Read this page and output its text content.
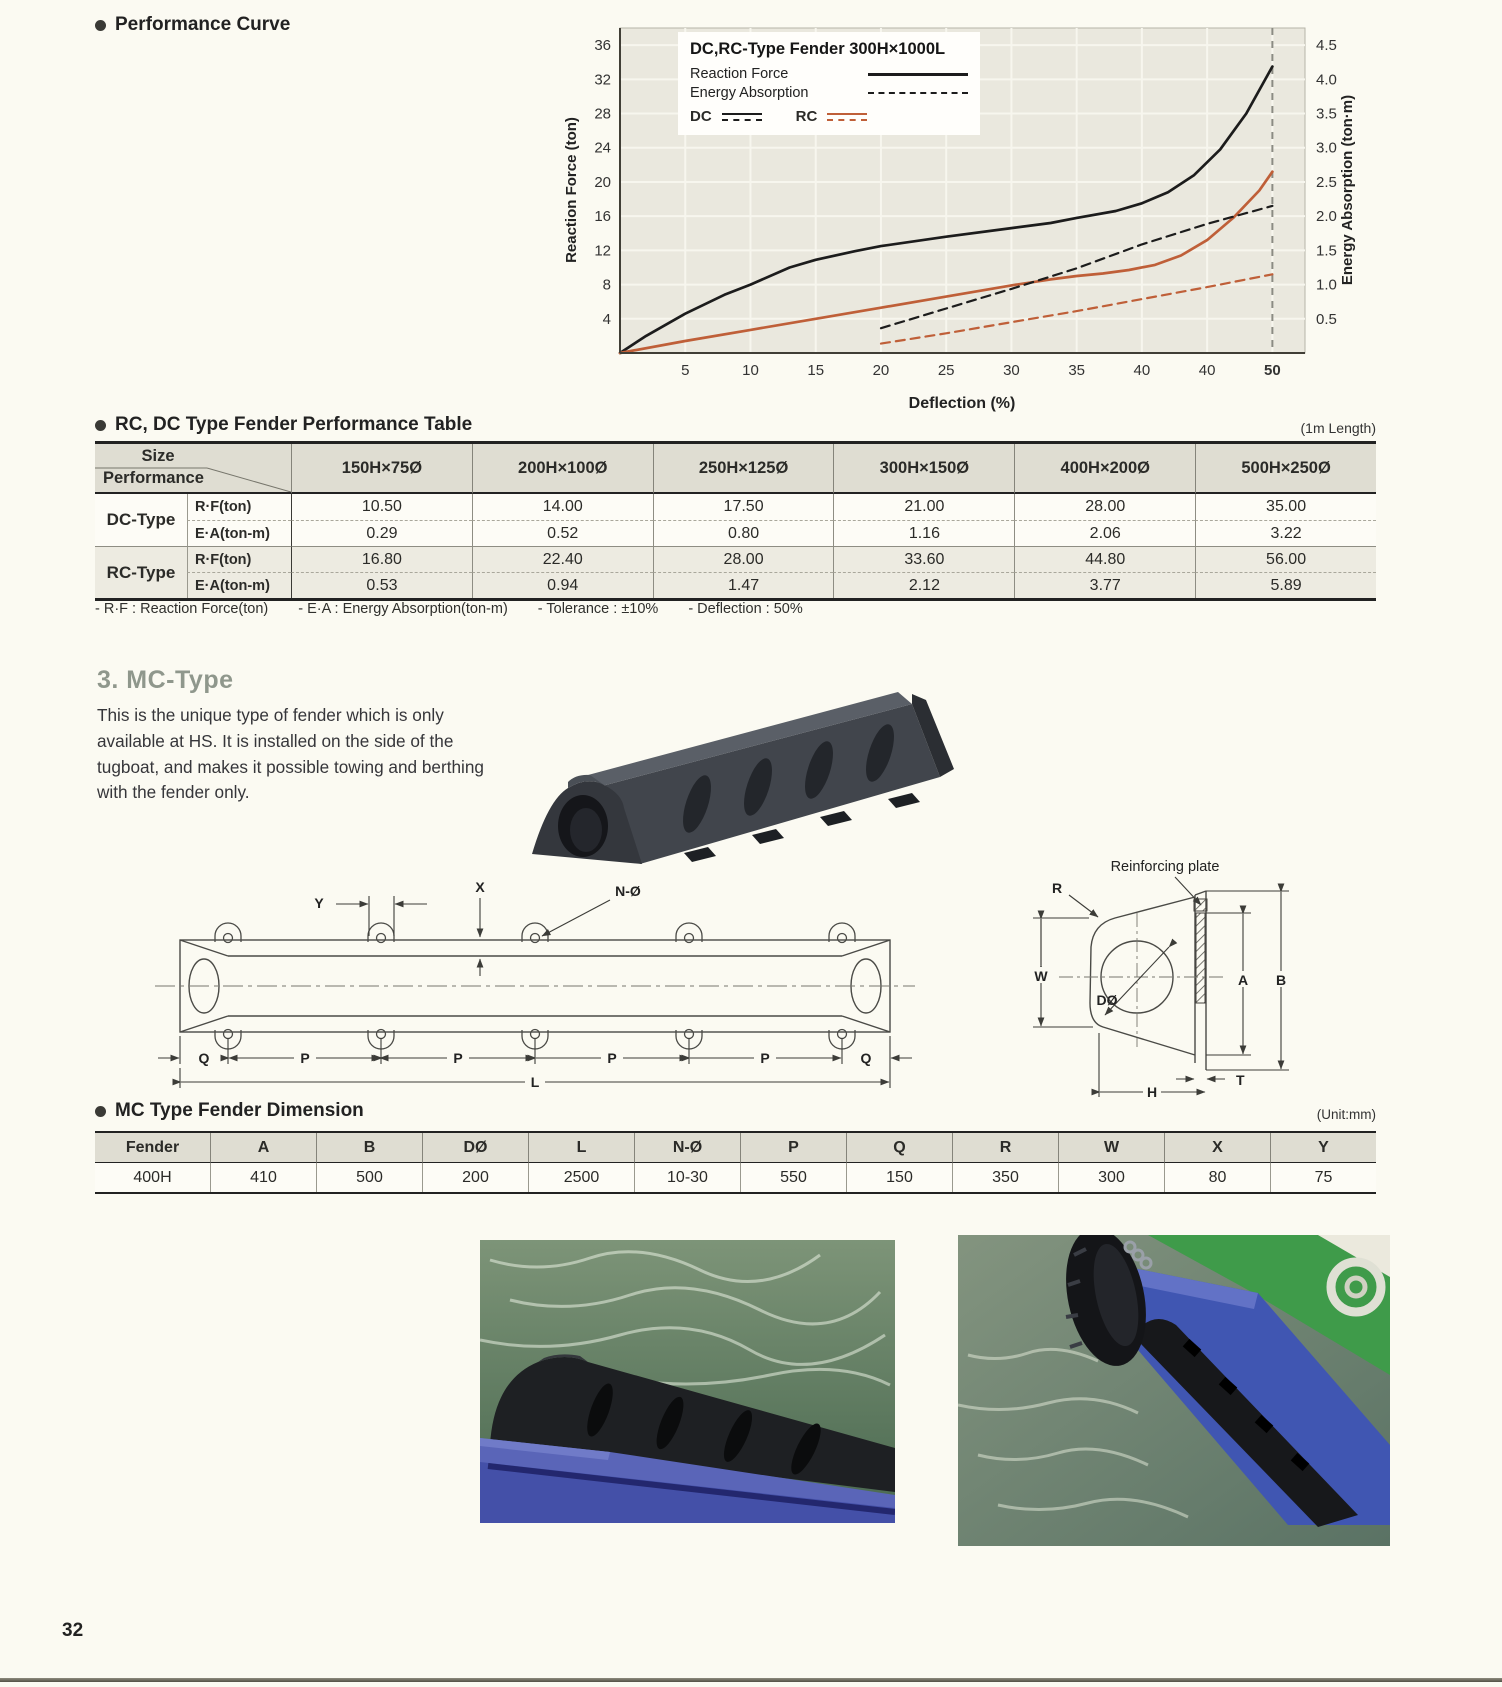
Performance Curve
4
8
12
16
20
24
28
32
36
0.5
1.0
1.5
2.0
2.5
3.0
3.5
4.0
4.5
5	10	15	20	25	30	35	40	40	50
Reaction Force (ton)	Energy Absorption (ton·m)
Deflection (%)
DC,RC-Type Fender 300H×1000L
Reaction Force
Energy Absorption
DC	RC
RC, DC Type Fender Performance Table	(1m Length)
Size
Performance
150H×75Ø	200H×100Ø	250H×125Ø	300H×150Ø	400H×200Ø	500H×250Ø
DC-Type
R·F(ton)	10.50	14.00	17.50	21.00	28.00	35.00
E·A(ton-m)	0.29	0.52	0.80	1.16	2.06	3.22
RC-Type
R·F(ton)	16.80	22.40	28.00	33.60	44.80	56.00
E·A(ton-m)	0.53	0.94	1.47	2.12	3.77	5.89
- R·F : Reaction Force(ton) - E·A : Energy Absorption(ton-m) - Tolerance : ±10% - Deflection : 50%
3. MC-Type
This is the unique type of fender which is only available at HS. It is installed on the side of the tugboat, and makes it possible towing and berthing with the fender only.
Y
X	N-Ø
Q	P	P	P	P	Q
L
Reinforcing plate
R
W
DØ
A B
T
H
MC Type Fender Dimension	(Unit:mm)
Fender	A	B	DØ	L	N-Ø	P	Q	R	W	X	Y
400H	410	500	200	2500	10-30	550	150	350	300	80	75
32
